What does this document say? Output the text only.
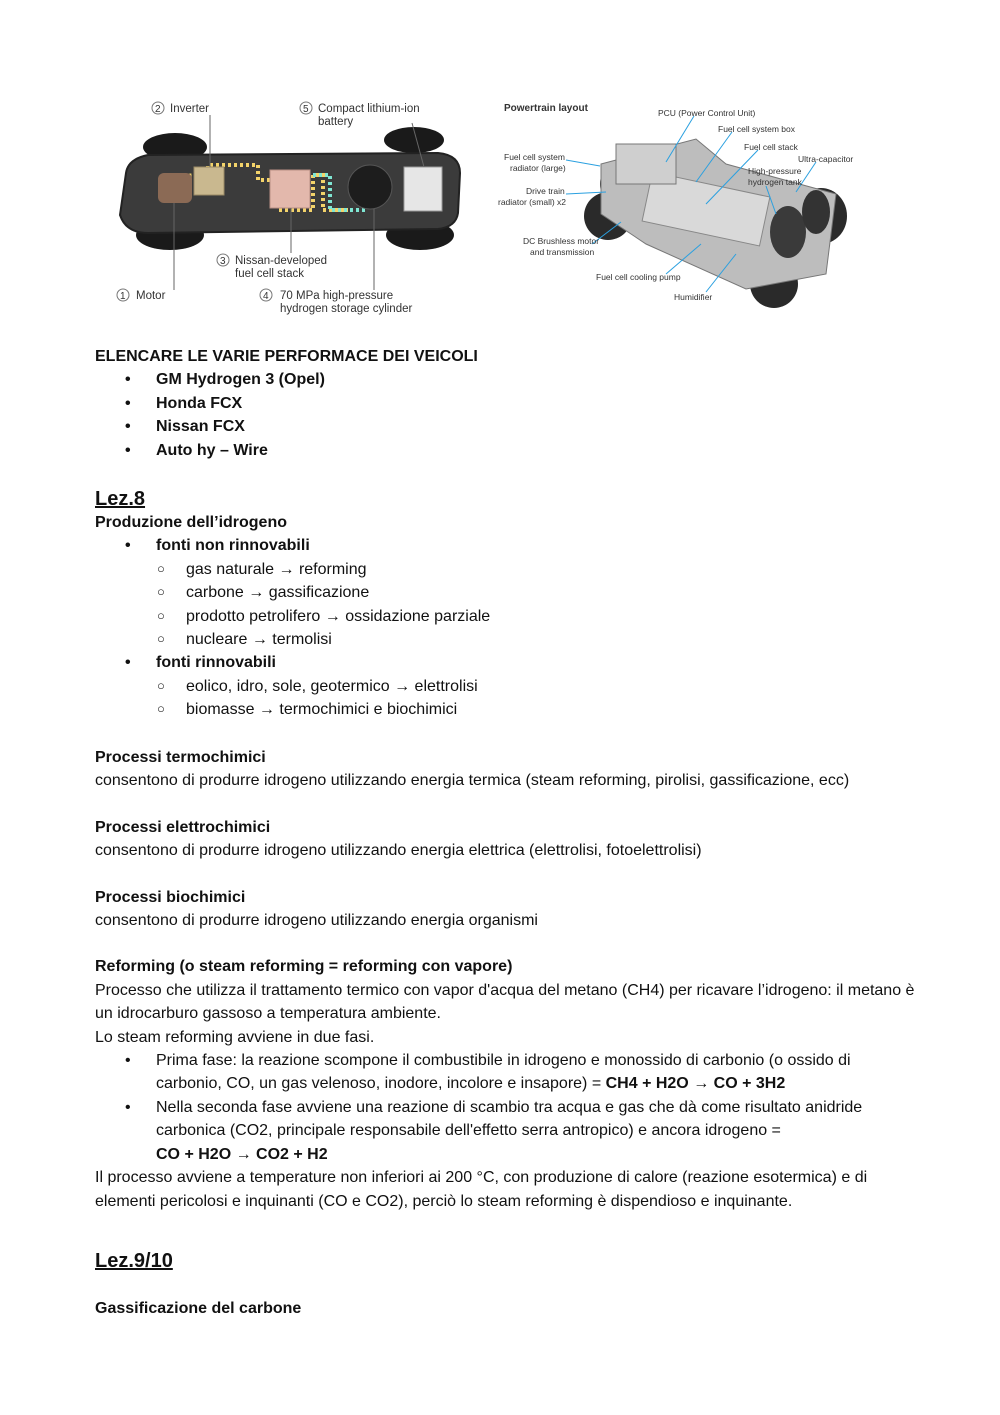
2 Inverter	5 Compact lithium-ion
battery
3 Nissan-developed
fuel cell stack
1 Motor	4 70 MPa high-pressure
hydrogen storage cylinder
Powertrain layout	PCU (Power Control Unit)
Fuel cell system box
Fuel cell stack
Ultra-capacitor
High-pressure
hydrogen tank
Fuel cell system
radiator (large)
Drive train
radiator (small) x2
DC Brushless motor
and transmission
Fuel cell cooling pump
Humidifier
ELENCARE LE VARIE PERFORMACE DEI VEICOLI
• GM Hydrogen 3 (Opel)
• Honda FCX
• Nissan FCX
• Auto hy – Wire
Lez.8
Produzione dell’idrogeno
• fonti non rinnovabili
○ gas naturale → reforming
○ carbone → gassificazione
○ prodotto petrolifero → ossidazione parziale
○ nucleare → termolisi
• fonti rinnovabili
○ eolico, idro, sole, geotermico → elettrolisi
○ biomasse → termochimici e biochimici
Processi termochimici
consentono di produrre idrogeno utilizzando energia termica (steam reforming, pirolisi, gassificazione, ecc)
Processi elettrochimici
consentono di produrre idrogeno utilizzando energia elettrica (elettrolisi, fotoelettrolisi)
Processi biochimici
consentono di produrre idrogeno utilizzando energia organismi
Reforming (o steam reforming = reforming con vapore)
Processo che utilizza il trattamento termico con vapor d'acqua del metano (CH4) per ricavare l’idrogeno: il metano è un idrocarburo gassoso a temperatura ambiente.
Lo steam reforming avviene in due fasi.
• Prima fase: la reazione scompone il combustibile in idrogeno e monossido di carbonio (o ossido di carbonio, CO, un gas velenoso, inodore, incolore e insapore) = CH4 + H2O → CO + 3H2
• Nella seconda fase avviene una reazione di scambio tra acqua e gas che dà come risultato anidride carbonica (CO2, principale responsabile dell'effetto serra antropico) e ancora idrogeno =
CO + H2O → CO2 + H2
Il processo avviene a temperature non inferiori ai 200 °C, con produzione di calore (reazione esotermica) e di elementi pericolosi e inquinanti (CO e CO2), perciò lo steam reforming è dispendioso e inquinante.
Lez.9/10
Gassificazione del carbone
